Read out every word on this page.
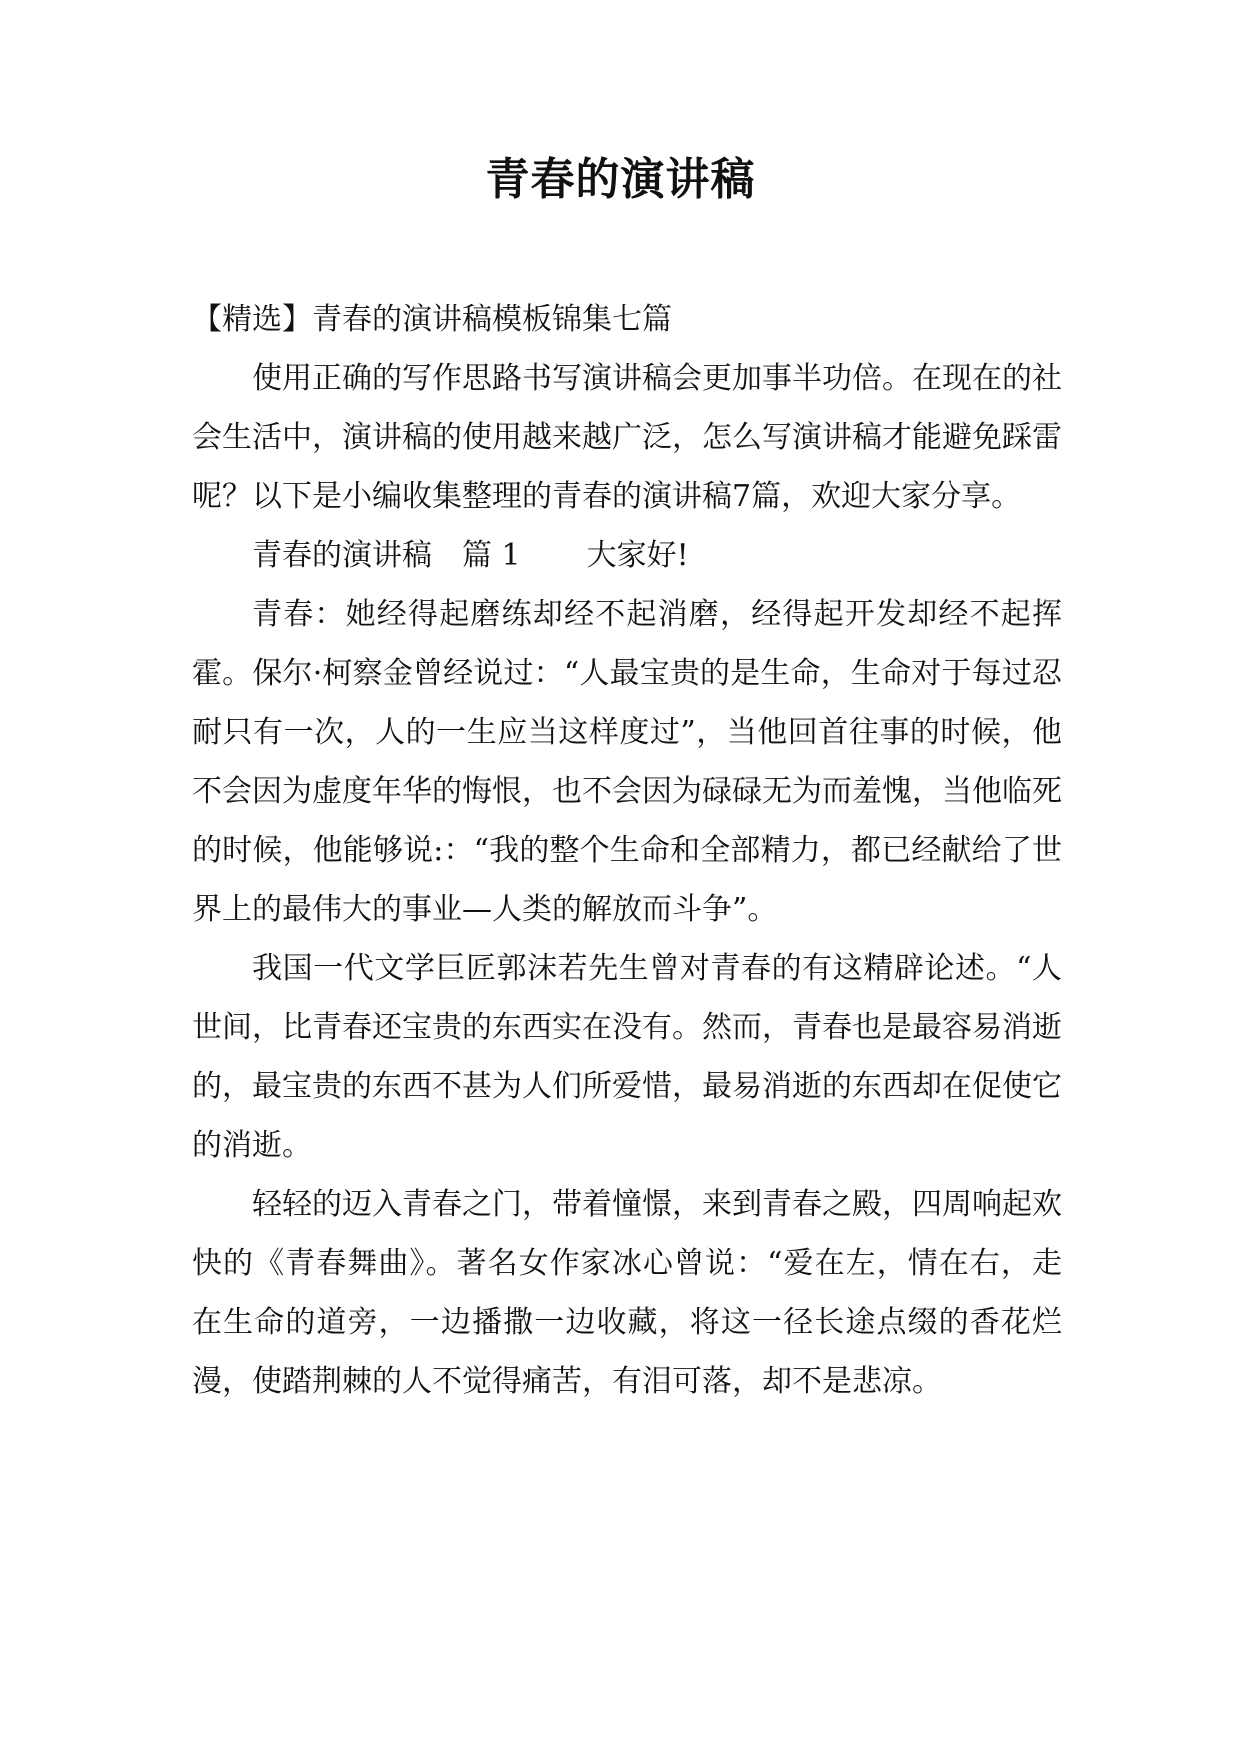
青春的演讲稿

【精选】青春的演讲稿模板锦集七篇

使用正确的写作思路书写演讲稿会更加事半功倍。在现在的社会生活中，演讲稿的使用越来越广泛，怎么写演讲稿才能避免踩雷呢？以下是小编收集整理的青春的演讲稿7篇，欢迎大家分享。

青春的演讲稿 篇 1 大家好!

青春：她经得起磨练却经不起消磨，经得起开发却经不起挥霍。保尔·柯察金曾经说过：“人最宝贵的是生命，生命对于每过忍耐只有一次，人的一生应当这样度过”，当他回首往事的时候，他不会因为虚度年华的悔恨，也不会因为碌碌无为而羞愧，当他临死的时候，他能够说:：“我的整个生命和全部精力，都已经献给了世界上的最伟大的事业—人类的解放而斗争”。

我国一代文学巨匠郭沫若先生曾对青春的有这精辟论述。“人世间，比青春还宝贵的东西实在没有。然而，青春也是最容易消逝的，最宝贵的东西不甚为人们所爱惜，最易消逝的东西却在促使它的消逝。

轻轻的迈入青春之门，带着憧憬，来到青春之殿，四周响起欢快的《青春舞曲》。著名女作家冰心曾说：“爱在左，情在右，走在生命的道旁，一边播撒一边收藏，将这一径长途点缀的香花烂漫，使踏荆棘的人不觉得痛苦，有泪可落，却不是悲凉。
